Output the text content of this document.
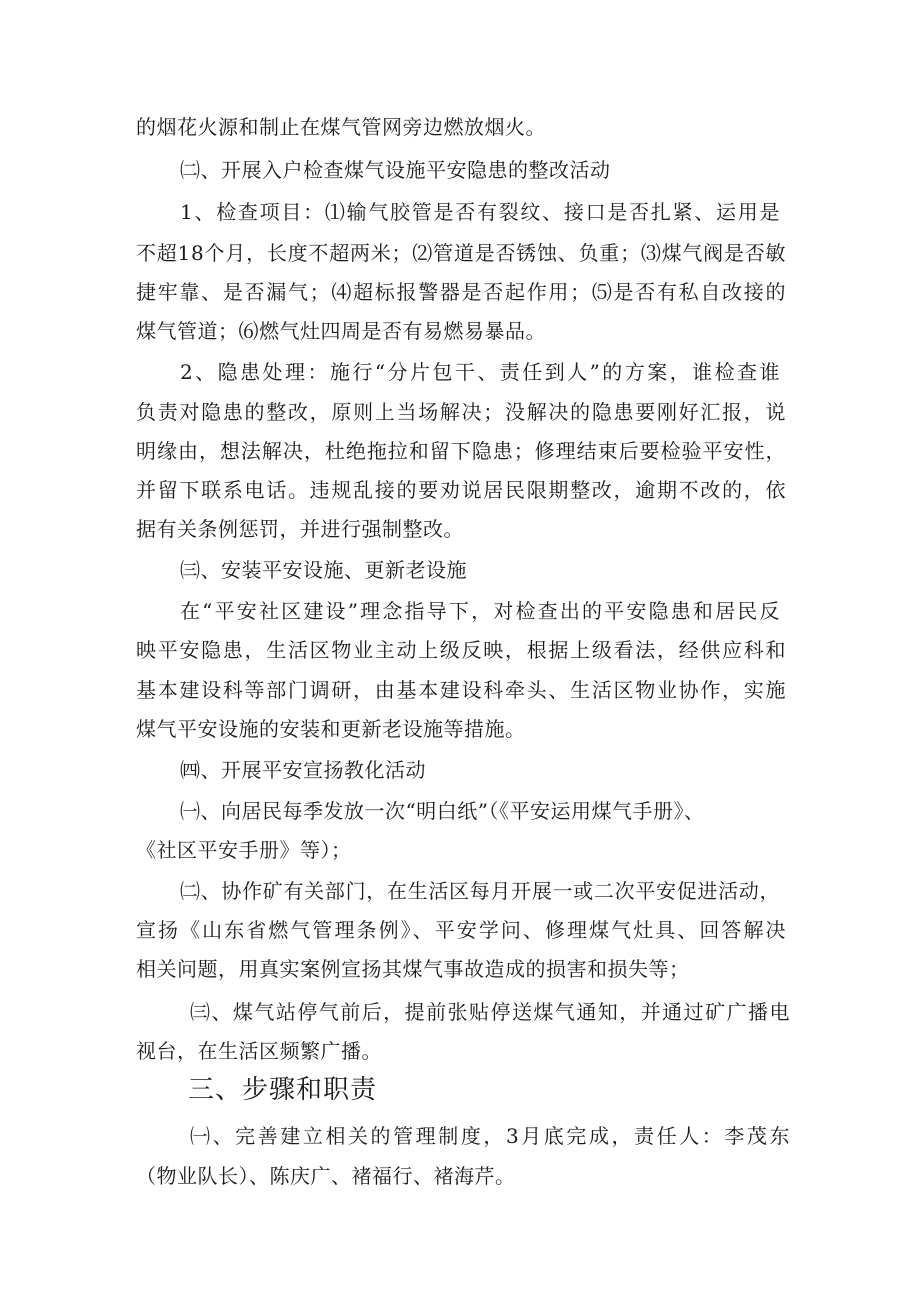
的烟花火源和制止在煤气管网旁边燃放烟火。
㈡、开展入户检查煤气设施平安隐患的整改活动
1、检查项目：⑴输气胶管是否有裂纹、接口是否扎紧、运用是
不超18个月，长度不超两米；⑵管道是否锈蚀、负重；⑶煤气阀是否敏
捷牢靠、是否漏气；⑷超标报警器是否起作用；⑸是否有私自改接的
煤气管道；⑹燃气灶四周是否有易燃易暴品。
2、隐患处理：施行“分片包干、责任到人”的方案，谁检查谁
负责对隐患的整改，原则上当场解决；没解决的隐患要刚好汇报，说
明缘由，想法解决，杜绝拖拉和留下隐患；修理结束后要检验平安性，
并留下联系电话。违规乱接的要劝说居民限期整改，逾期不改的，依
据有关条例惩罚，并进行强制整改。
㈢、安装平安设施、更新老设施
在“平安社区建设”理念指导下，对检查出的平安隐患和居民反
映平安隐患，生活区物业主动上级反映，根据上级看法，经供应科和
基本建设科等部门调研，由基本建设科牵头、生活区物业协作，实施
煤气平安设施的安装和更新老设施等措施。
㈣、开展平安宣扬教化活动
㈠、向居民每季发放一次“明白纸”（《平安运用煤气手册》、
《社区平安手册》等）；
㈡、协作矿有关部门，在生活区每月开展一或二次平安促进活动，
宣扬《山东省燃气管理条例》、平安学问、修理煤气灶具、回答解决
相关问题，用真实案例宣扬其煤气事故造成的损害和损失等；
㈢、煤气站停气前后，提前张贴停送煤气通知，并通过矿广播电
视台，在生活区频繁广播。
三、步骤和职责
㈠、完善建立相关的管理制度，3月底完成，责任人：李茂东
（物业队长）、陈庆广、褚福行、褚海芹。
